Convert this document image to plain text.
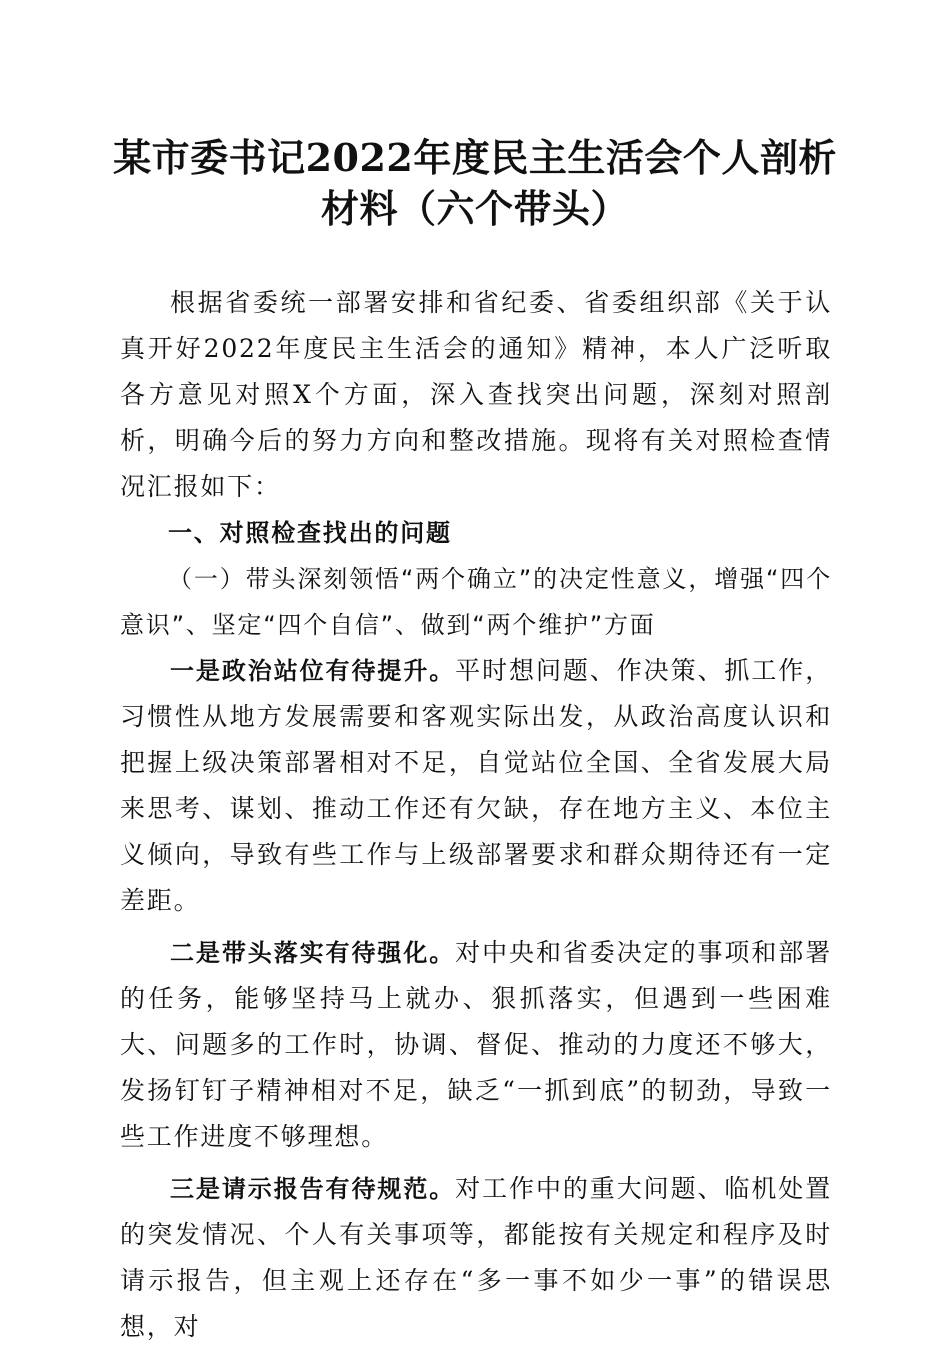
某市委书记2022年度民主生活会个人剖析材料（六个带头）

根据省委统一部署安排和省纪委、省委组织部《关于认真开好2022年度民主生活会的通知》精神，本人广泛听取各方意见对照X个方面，深入查找突出问题，深刻对照剖析，明确今后的努力方向和整改措施。现将有关对照检查情况汇报如下：

一、对照检查找出的问题

（一）带头深刻领悟“两个确立”的决定性意义，增强“四个意识”、坚定“四个自信”、做到“两个维护”方面

一是政治站位有待提升。平时想问题、作决策、抓工作，习惯性从地方发展需要和客观实际出发，从政治高度认识和把握上级决策部署相对不足，自觉站位全国、全省发展大局来思考、谋划、推动工作还有欠缺，存在地方主义、本位主义倾向，导致有些工作与上级部署要求和群众期待还有一定差距。

二是带头落实有待强化。对中央和省委决定的事项和部署的任务，能够坚持马上就办、狠抓落实，但遇到一些困难大、问题多的工作时，协调、督促、推动的力度还不够大，发扬钉钉子精神相对不足，缺乏“一抓到底”的韧劲，导致一些工作进度不够理想。

三是请示报告有待规范。对工作中的重大问题、临机处置的突发情况、个人有关事项等，都能按有关规定和程序及时请示报告，但主观上还存在“多一事不如少一事”的错误思想，对
